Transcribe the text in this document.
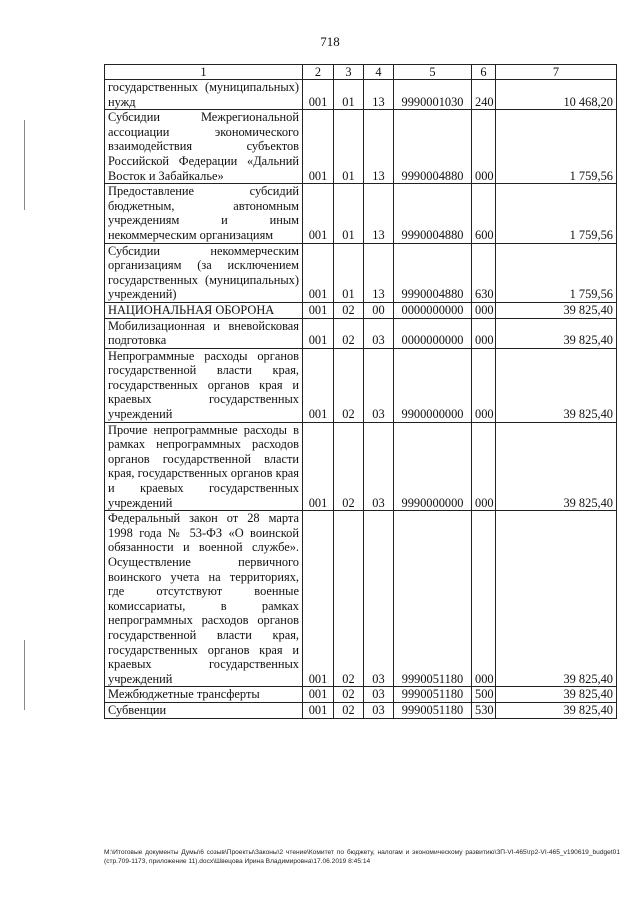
718
1	2	3	4	5	6	7
государственных (муниципальных) нужд	001	01	13	9990001030	240	10 468,20
Субсидии Межрегиональной ассоциации экономического взаимодействия субъектов Российской Федерации «Дальний Восток и Забайкалье»	001	01	13	9990004880	000	1 759,56
Предоставление субсидий бюджетным, автономным учреждениям и иным некоммерческим организациям	001	01	13	9990004880	600	1 759,56
Субсидии некоммерческим организациям (за исключением государственных (муниципальных) учреждений)	001	01	13	9990004880	630	1 759,56
НАЦИОНАЛЬНАЯ ОБОРОНА	001	02	00	0000000000	000	39 825,40
Мобилизационная и вневойсковая подготовка	001	02	03	0000000000	000	39 825,40
Непрограммные расходы органов государственной власти края, государственных органов края и краевых государственных учреждений	001	02	03	9900000000	000	39 825,40
Прочие непрограммные расходы в рамках непрограммных расходов органов государственной власти края, государственных органов края и краевых государственных учреждений	001	02	03	9990000000	000	39 825,40
Федеральный закон от 28 марта 1998 года № 53-ФЗ «О воинской обязанности и военной службе». Осуществление первичного воинского учета на территориях, где отсутствуют военные комиссариаты, в рамках непрограммных расходов органов государственной власти края, государственных органов края и краевых государственных учреждений	001	02	03	9990051180	000	39 825,40
Межбюджетные трансферты	001	02	03	9990051180	500	39 825,40
Субвенции	001	02	03	9990051180	530	39 825,40
M:\Итоговые документы Думы\6 созыв\Проекты\Законы\2 чтение\Комитет по бюджету, налогам и экономическому развитию\ЗП-VI-465\гр2-VI-465_v190619_budget01 (стр.709-1173, приложение 11).docx\Швецова Ирина Владимировна\17.06.2019 8:45:14
